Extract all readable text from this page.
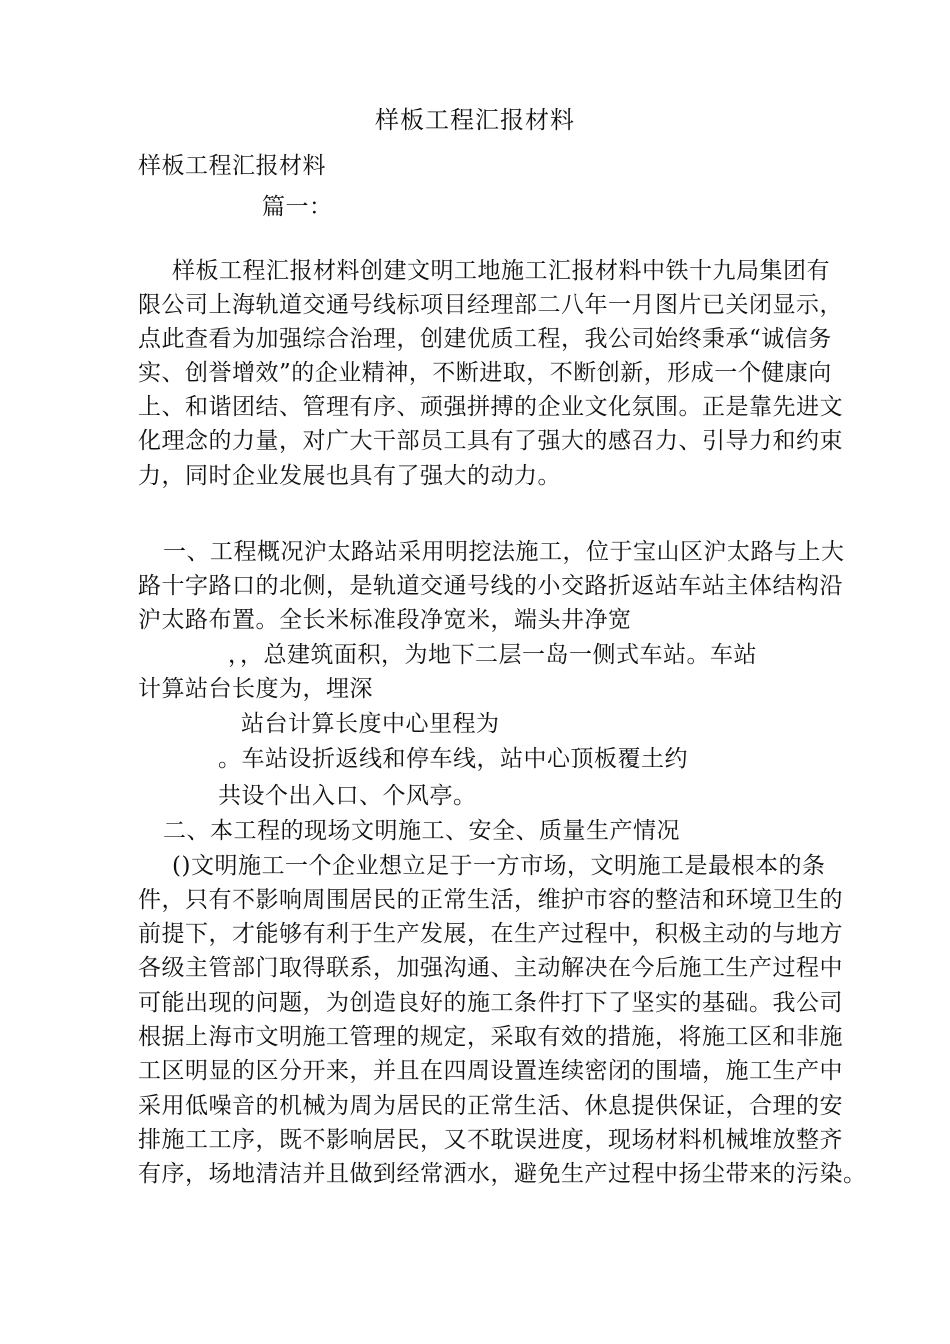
样板工程汇报材料
样板工程汇报材料
篇一：
样板工程汇报材料创建文明工地施工汇报材料中铁十九局集团有
限公司上海轨道交通号线标项目经理部二八年一月图片已关闭显示，
点此查看为加强综合治理，创建优质工程，我公司始终秉承“诚信务
实、创誉增效”的企业精神，不断进取，不断创新，形成一个健康向
上、和谐团结、管理有序、顽强拼搏的企业文化氛围。正是靠先进文
化理念的力量，对广大干部员工具有了强大的感召力、引导力和约束
力，同时企业发展也具有了强大的动力。
一、工程概况沪太路站采用明挖法施工，位于宝山区沪太路与上大
路十字路口的北侧，是轨道交通号线的小交路折返站车站主体结构沿
沪太路布置。全长米标准段净宽米，端头井净宽
，，总建筑面积，为地下二层一岛一侧式车站。车站
计算站台长度为，埋深
站台计算长度中心里程为
。车站设折返线和停车线，站中心顶板覆土约
共设个出入口、个风亭。
二、本工程的现场文明施工、安全、质量生产情况
()文明施工一个企业想立足于一方市场，文明施工是最根本的条
件，只有不影响周围居民的正常生活，维护市容的整洁和环境卫生的
前提下，才能够有利于生产发展，在生产过程中，积极主动的与地方
各级主管部门取得联系，加强沟通、主动解决在今后施工生产过程中
可能出现的问题，为创造良好的施工条件打下了坚实的基础。我公司
根据上海市文明施工管理的规定，采取有效的措施，将施工区和非施
工区明显的区分开来，并且在四周设置连续密闭的围墙，施工生产中
采用低噪音的机械为周为居民的正常生活、休息提供保证，合理的安
排施工工序，既不影响居民，又不耽误进度，现场材料机械堆放整齐
有序，场地清洁并且做到经常洒水，避免生产过程中扬尘带来的污染。
